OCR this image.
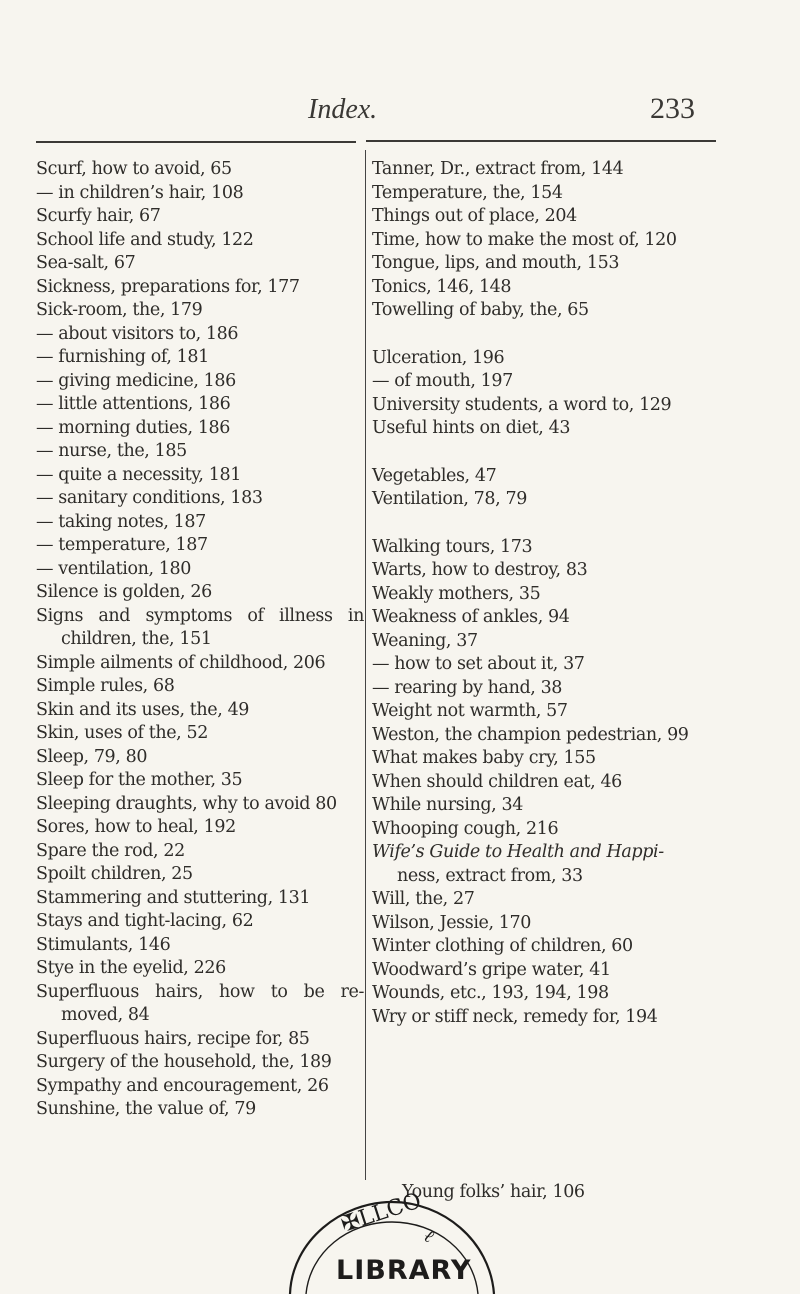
Index.	233
Scurf, how to avoid, 65
— in children’s hair, 108
Scurfy hair, 67
School life and study, 122
Sea-salt, 67
Sickness, preparations for, 177
Sick-room, the, 179
— about visitors to, 186
— furnishing of, 181
— giving medicine, 186
— little attentions, 186
— morning duties, 186
— nurse, the, 185
— quite a necessity, 181
— sanitary conditions, 183
— taking notes, 187
— temperature, 187
— ventilation, 180
Silence is golden, 26
Signs and symptoms of illness in children, the, 151
Simple ailments of childhood, 206
Simple rules, 68
Skin and its uses, the, 49
Skin, uses of the, 52
Sleep, 79, 80
Sleep for the mother, 35
Sleeping draughts, why to avoid 80
Sores, how to heal, 192
Spare the rod, 22
Spoilt children, 25
Stammering and stuttering, 131
Stays and tight-lacing, 62
Stimulants, 146
Stye in the eyelid, 226
Superfluous hairs, how to be re-moved, 84
Superfluous hairs, recipe for, 85
Surgery of the household, the, 189
Sympathy and encouragement, 26
Sunshine, the value of, 79
Tanner, Dr., extract from, 144
Temperature, the, 154
Things out of place, 204
Time, how to make the most of, 120
Tongue, lips, and mouth, 153
Tonics, 146, 148
Towelling of baby, the, 65
Ulceration, 196
— of mouth, 197
University students, a word to, 129
Useful hints on diet, 43
Vegetables, 47
Ventilation, 78, 79
Walking tours, 173
Warts, how to destroy, 83
Weakly mothers, 35
Weakness of ankles, 94
Weaning, 37
— how to set about it, 37
— rearing by hand, 38
Weight not warmth, 57
Weston, the champion pedestrian, 99
What makes baby cry, 155
When should children eat, 46
While nursing, 34
Whooping cough, 216
Wife’s Guide to Health and Happi-
ness, extract from, 33
Will, the, 27
Wilson, Jessie, 170
Winter clothing of children, 60
Woodward’s gripe water, 41
Wounds, etc., 193, 194, 198
Wry or stiff neck, remedy for, 194
Young folks’ hair, 106
✠LLCO
ℓ
LIBRARY
